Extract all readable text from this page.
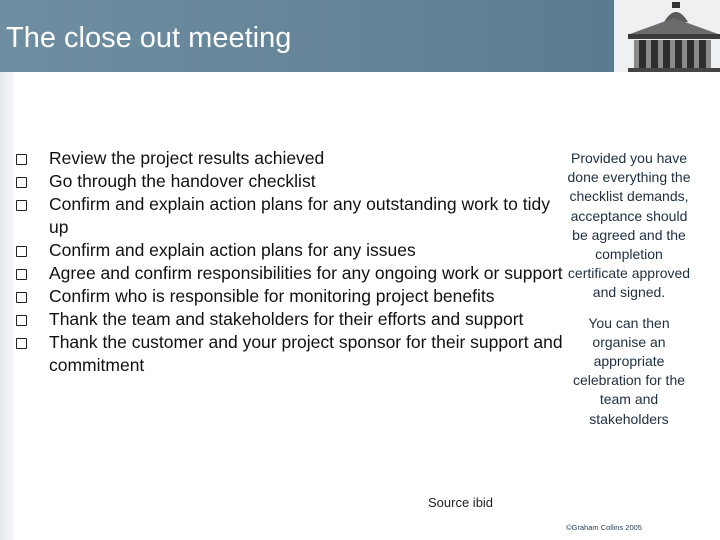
The close out meeting
Review the project results achieved
Go through the handover checklist
Confirm and explain action plans for any outstanding work to tidy up
Confirm and explain action plans for any issues
Agree and confirm responsibilities for any ongoing work or support
Confirm who is responsible for monitoring project benefits
Thank the team and stakeholders for their efforts and support
Thank the customer and your project sponsor for their support and commitment

Provided you have done everything the checklist demands, acceptance should be agreed and the completion certificate approved and signed.

You can then organise an appropriate celebration for the team and stakeholders

Source ibid
©Graham Collins 2005
